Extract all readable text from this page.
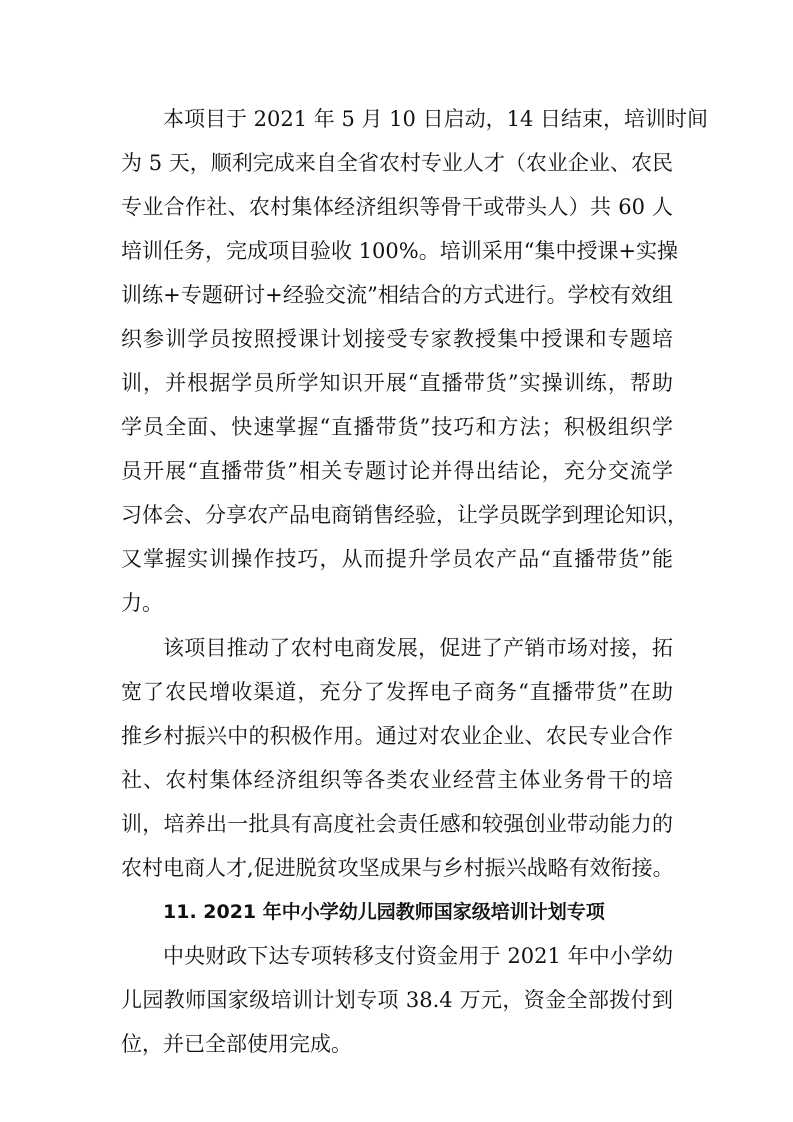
本项目于 2021 年 5 月 10 日启动，14 日结束，培训时间
为 5 天，顺利完成来自全省农村专业人才（农业企业、农民
专业合作社、农村集体经济组织等骨干或带头人）共 60 人
培训任务，完成项目验收 100%。培训采用“集中授课+实操
训练+专题研讨+经验交流”相结合的方式进行。学校有效组
织参训学员按照授课计划接受专家教授集中授课和专题培
训，并根据学员所学知识开展“直播带货”实操训练，帮助
学员全面、快速掌握“直播带货”技巧和方法；积极组织学
员开展“直播带货”相关专题讨论并得出结论，充分交流学
习体会、分享农产品电商销售经验，让学员既学到理论知识，
又掌握实训操作技巧，从而提升学员农产品“直播带货”能
力。
该项目推动了农村电商发展，促进了产销市场对接，拓
宽了农民增收渠道，充分了发挥电子商务“直播带货”在助
推乡村振兴中的积极作用。通过对农业企业、农民专业合作
社、农村集体经济组织等各类农业经营主体业务骨干的培
训，培养出一批具有高度社会责任感和较强创业带动能力的
农村电商人才,促进脱贫攻坚成果与乡村振兴战略有效衔接。
11. 2021 年中小学幼儿园教师国家级培训计划专项
中央财政下达专项转移支付资金用于 2021 年中小学幼
儿园教师国家级培训计划专项 38.4 万元，资金全部拨付到
位，并已全部使用完成。
